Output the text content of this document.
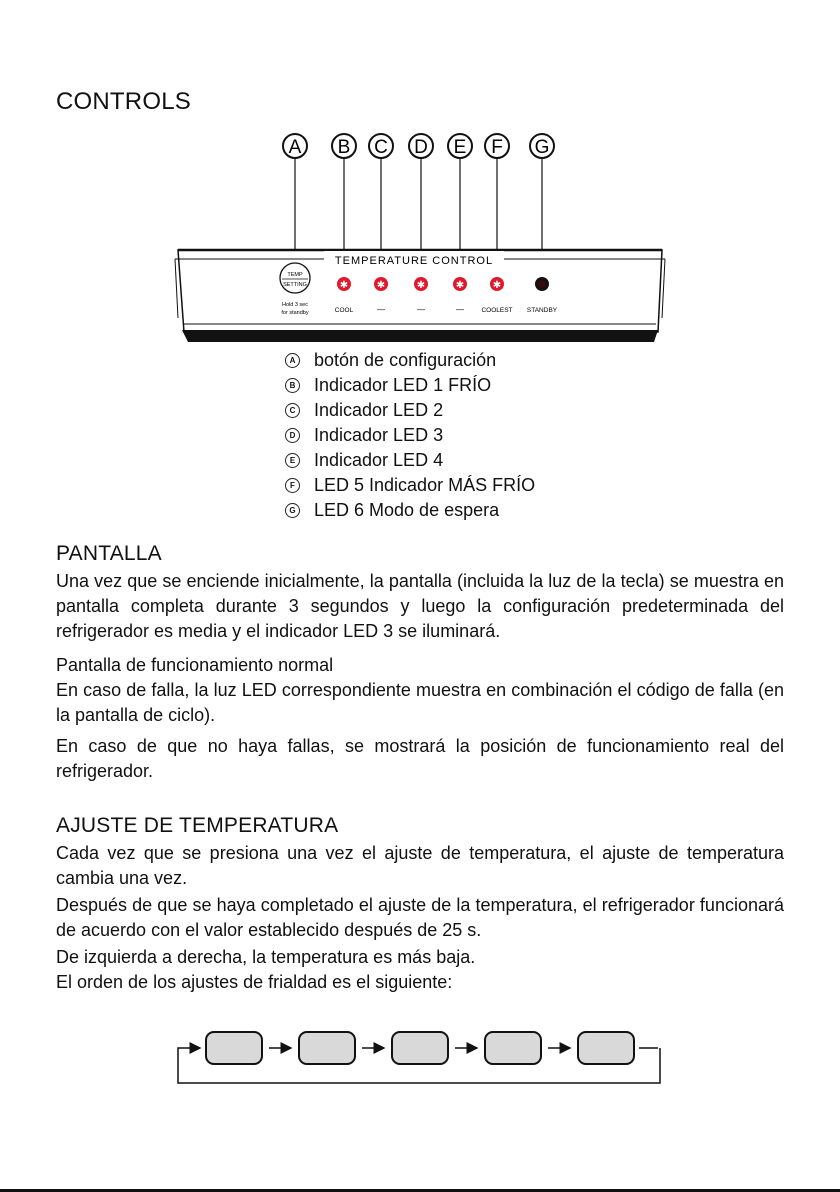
CONTROLS
A B C D E F G
TEMPERATURE CONTROL
TEMP
SETTING
Hold 3 sec
for standby
✱	✱	✱	✱	✱
COOL	—	—	—	COOLEST STANDBY
A botón de configuración
B Indicador LED 1 FRÍO
C Indicador LED 2
D Indicador LED 3
E Indicador LED 4
F LED 5 Indicador MÁS FRÍO
G LED 6 Modo de espera
PANTALLA
Una vez que se enciende inicialmente, la pantalla (incluida la luz de la tecla) se muestra en pantalla completa durante 3 segundos y luego la configuración predeterminada del refrigerador es media y el indicador LED 3 se iluminará.
Pantalla de funcionamiento normal
En caso de falla, la luz LED correspondiente muestra en combinación el código de falla (en la pantalla de ciclo).
En caso de que no haya fallas, se mostrará la posición de funcionamiento real del refrigerador.
AJUSTE DE TEMPERATURA
Cada vez que se presiona una vez el ajuste de temperatura, el ajuste de temperatura cambia una vez.
Después de que se haya completado el ajuste de la temperatura, el refrigerador funcionará de acuerdo con el valor establecido después de 25 s.
De izquierda a derecha, la temperatura es más baja.
El orden de los ajustes de frialdad es el siguiente:
